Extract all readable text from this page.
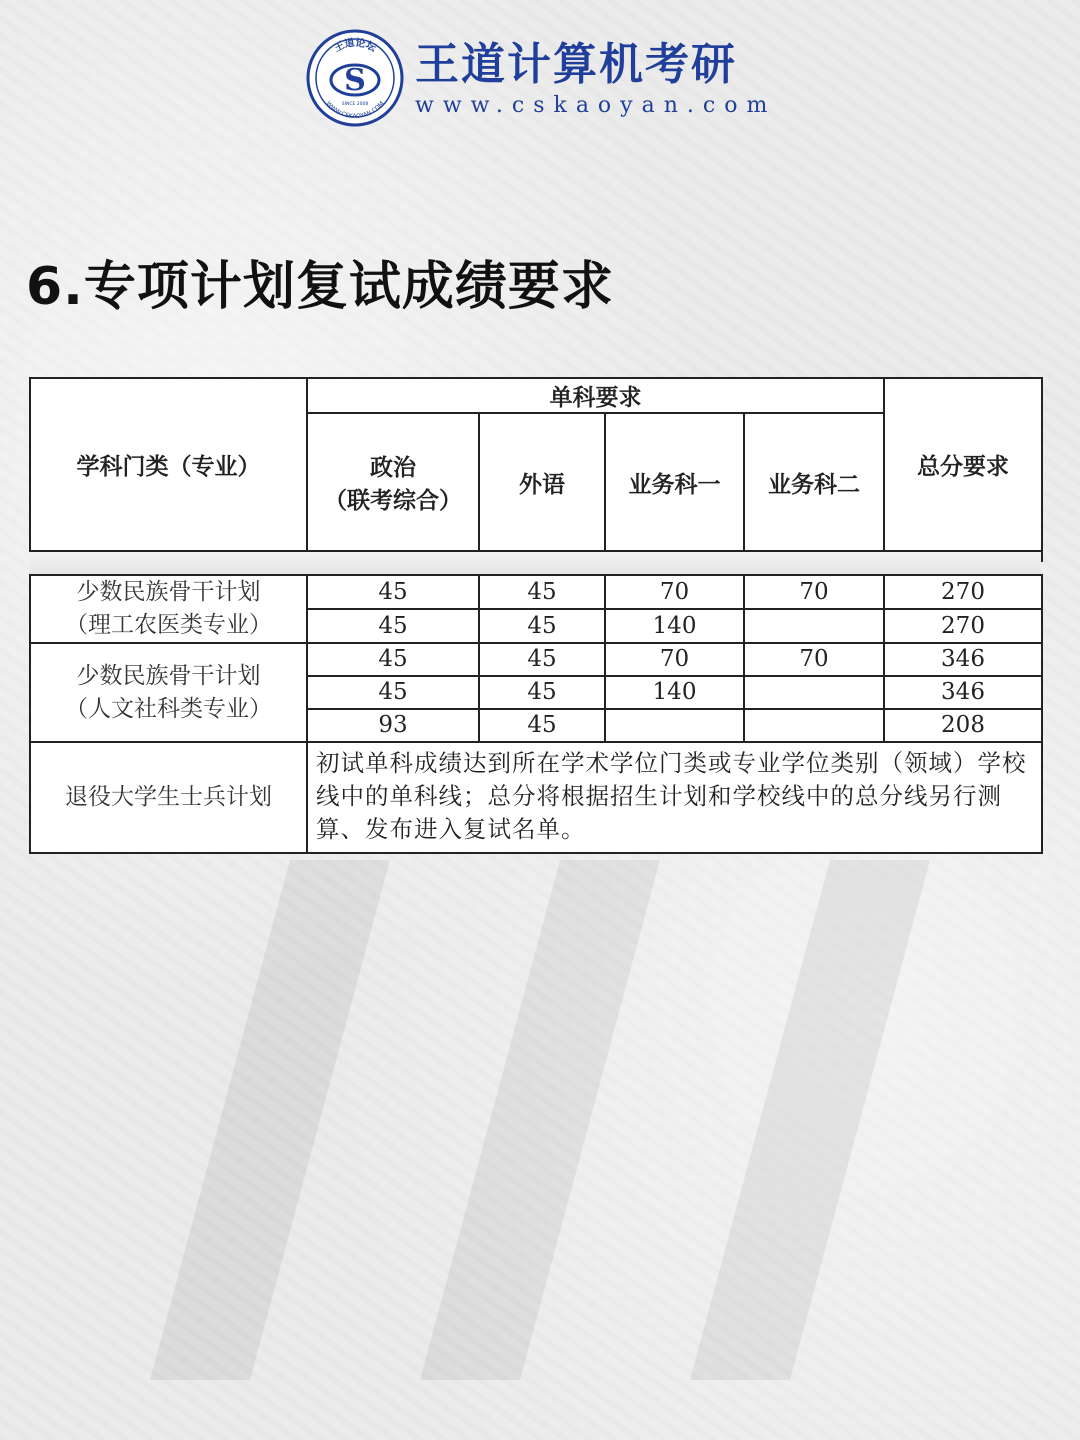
王道论坛
WWW.CSKAOYAN.COM
S
SINCE 2008
王道计算机考研
www.cskaoyan.com
6.专项计划复试成绩要求
学科门类（专业）	单科要求				总分要求

	政治
（联考综合）	外语	业务科一	业务科二	

少数民族骨干计划
（理工农医类专业）	45	45	70	70	270
	45	45	140		270

少数民族骨干计划
（人文社科类专业）	45	45	70	70	346
	45	45	140		346
	93	45			208
退役大学生士兵计划	初试单科成绩达到所在学术学位门类或专业学位类别（领域）学校线中的单科线；总分将根据招生计划和学校线中的总分线另行测算、发布进入复试名单。				
